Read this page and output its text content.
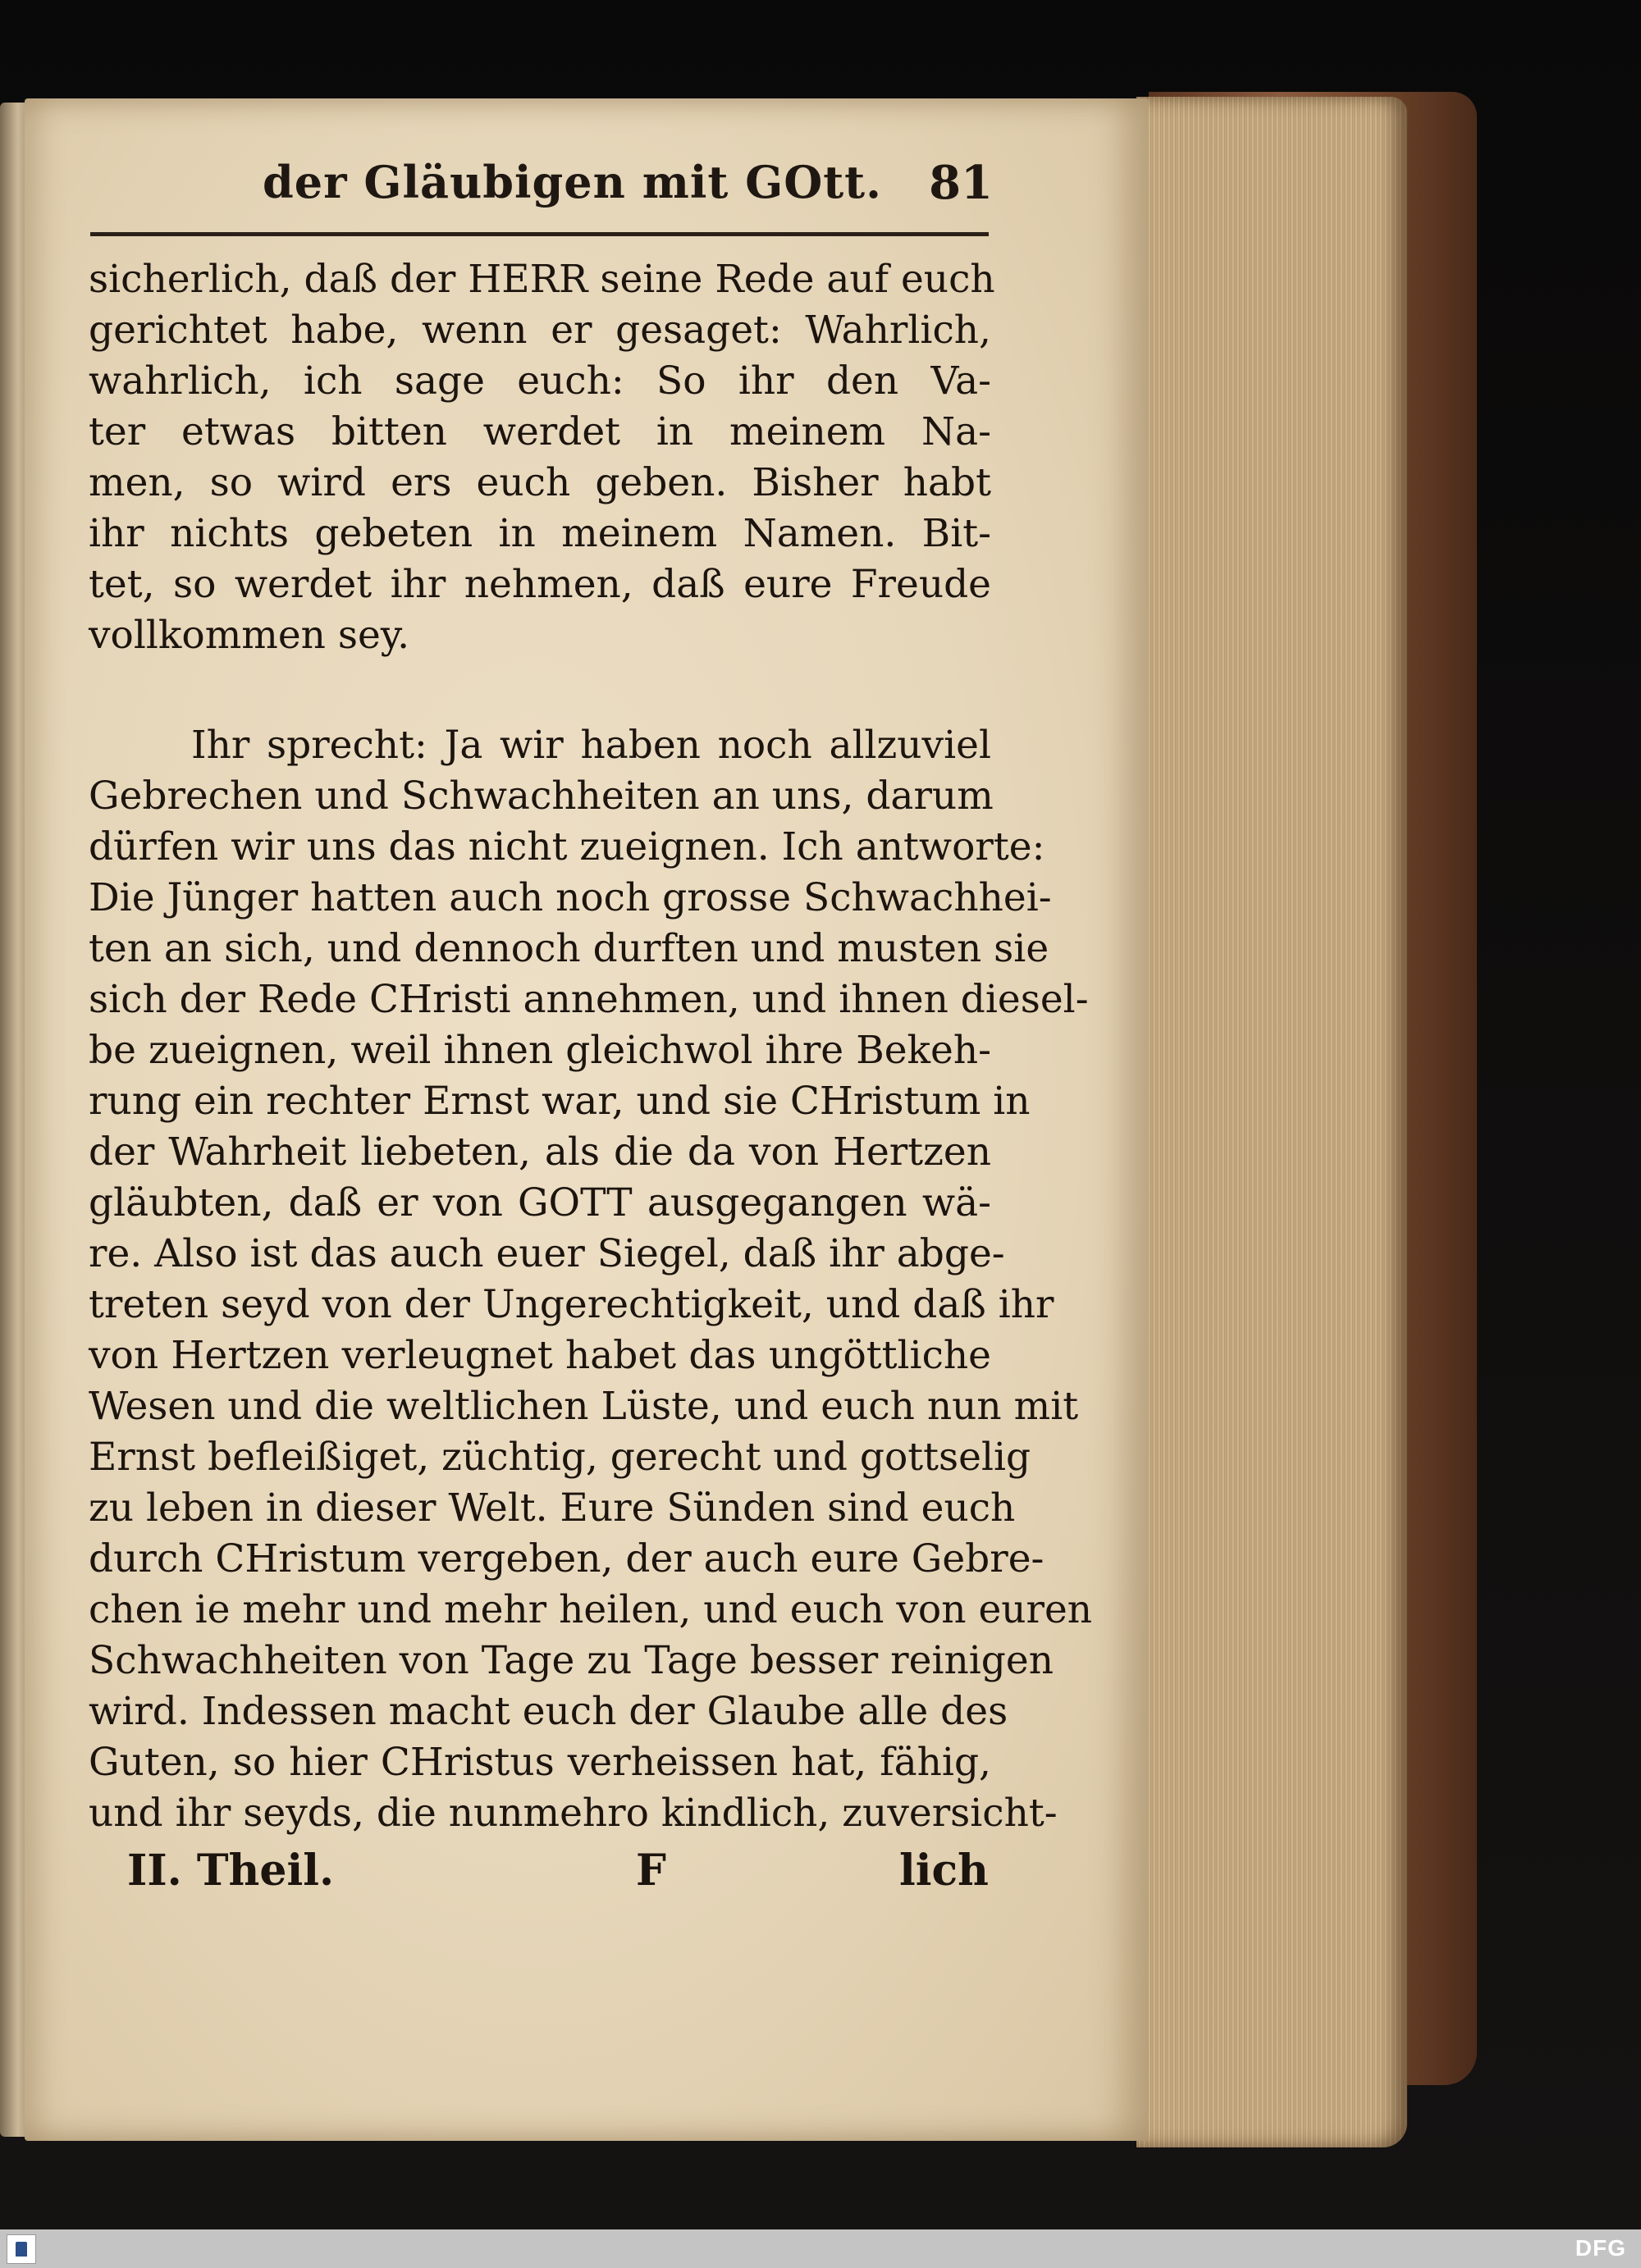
der Gläubigen mit GOtt. 81
sicherlich, daß der HERR seine Rede auf euch
gerichtet habe, wenn er gesaget: Wahrlich,
wahrlich, ich sage euch: So ihr den Va-
ter etwas bitten werdet in meinem Na-
men, so wird ers euch geben. Bisher habt
ihr nichts gebeten in meinem Namen. Bit-
tet, so werdet ihr nehmen, daß eure Freude
vollkommen sey.
Ihr sprecht: Ja wir haben noch allzuviel
Gebrechen und Schwachheiten an uns, darum
dürfen wir uns das nicht zueignen. Ich antworte:
Die Jünger hatten auch noch grosse Schwachhei-
ten an sich, und dennoch durften und musten sie
sich der Rede CHristi annehmen, und ihnen diesel-
be zueignen, weil ihnen gleichwol ihre Bekeh-
rung ein rechter Ernst war, und sie CHristum in
der Wahrheit liebeten, als die da von Hertzen
gläubten, daß er von GOTT ausgegangen wä-
re. Also ist das auch euer Siegel, daß ihr abge-
treten seyd von der Ungerechtigkeit, und daß ihr
von Hertzen verleugnet habet das ungöttliche
Wesen und die weltlichen Lüste, und euch nun mit
Ernst befleißiget, züchtig, gerecht und gottselig
zu leben in dieser Welt. Eure Sünden sind euch
durch CHristum vergeben, der auch eure Gebre-
chen ie mehr und mehr heilen, und euch von euren
Schwachheiten von Tage zu Tage besser reinigen
wird. Indessen macht euch der Glaube alle des
Guten, so hier CHristus verheissen hat, fähig,
und ihr seyds, die nunmehro kindlich, zuversicht-
II. Theil.	F	lich
DFG
